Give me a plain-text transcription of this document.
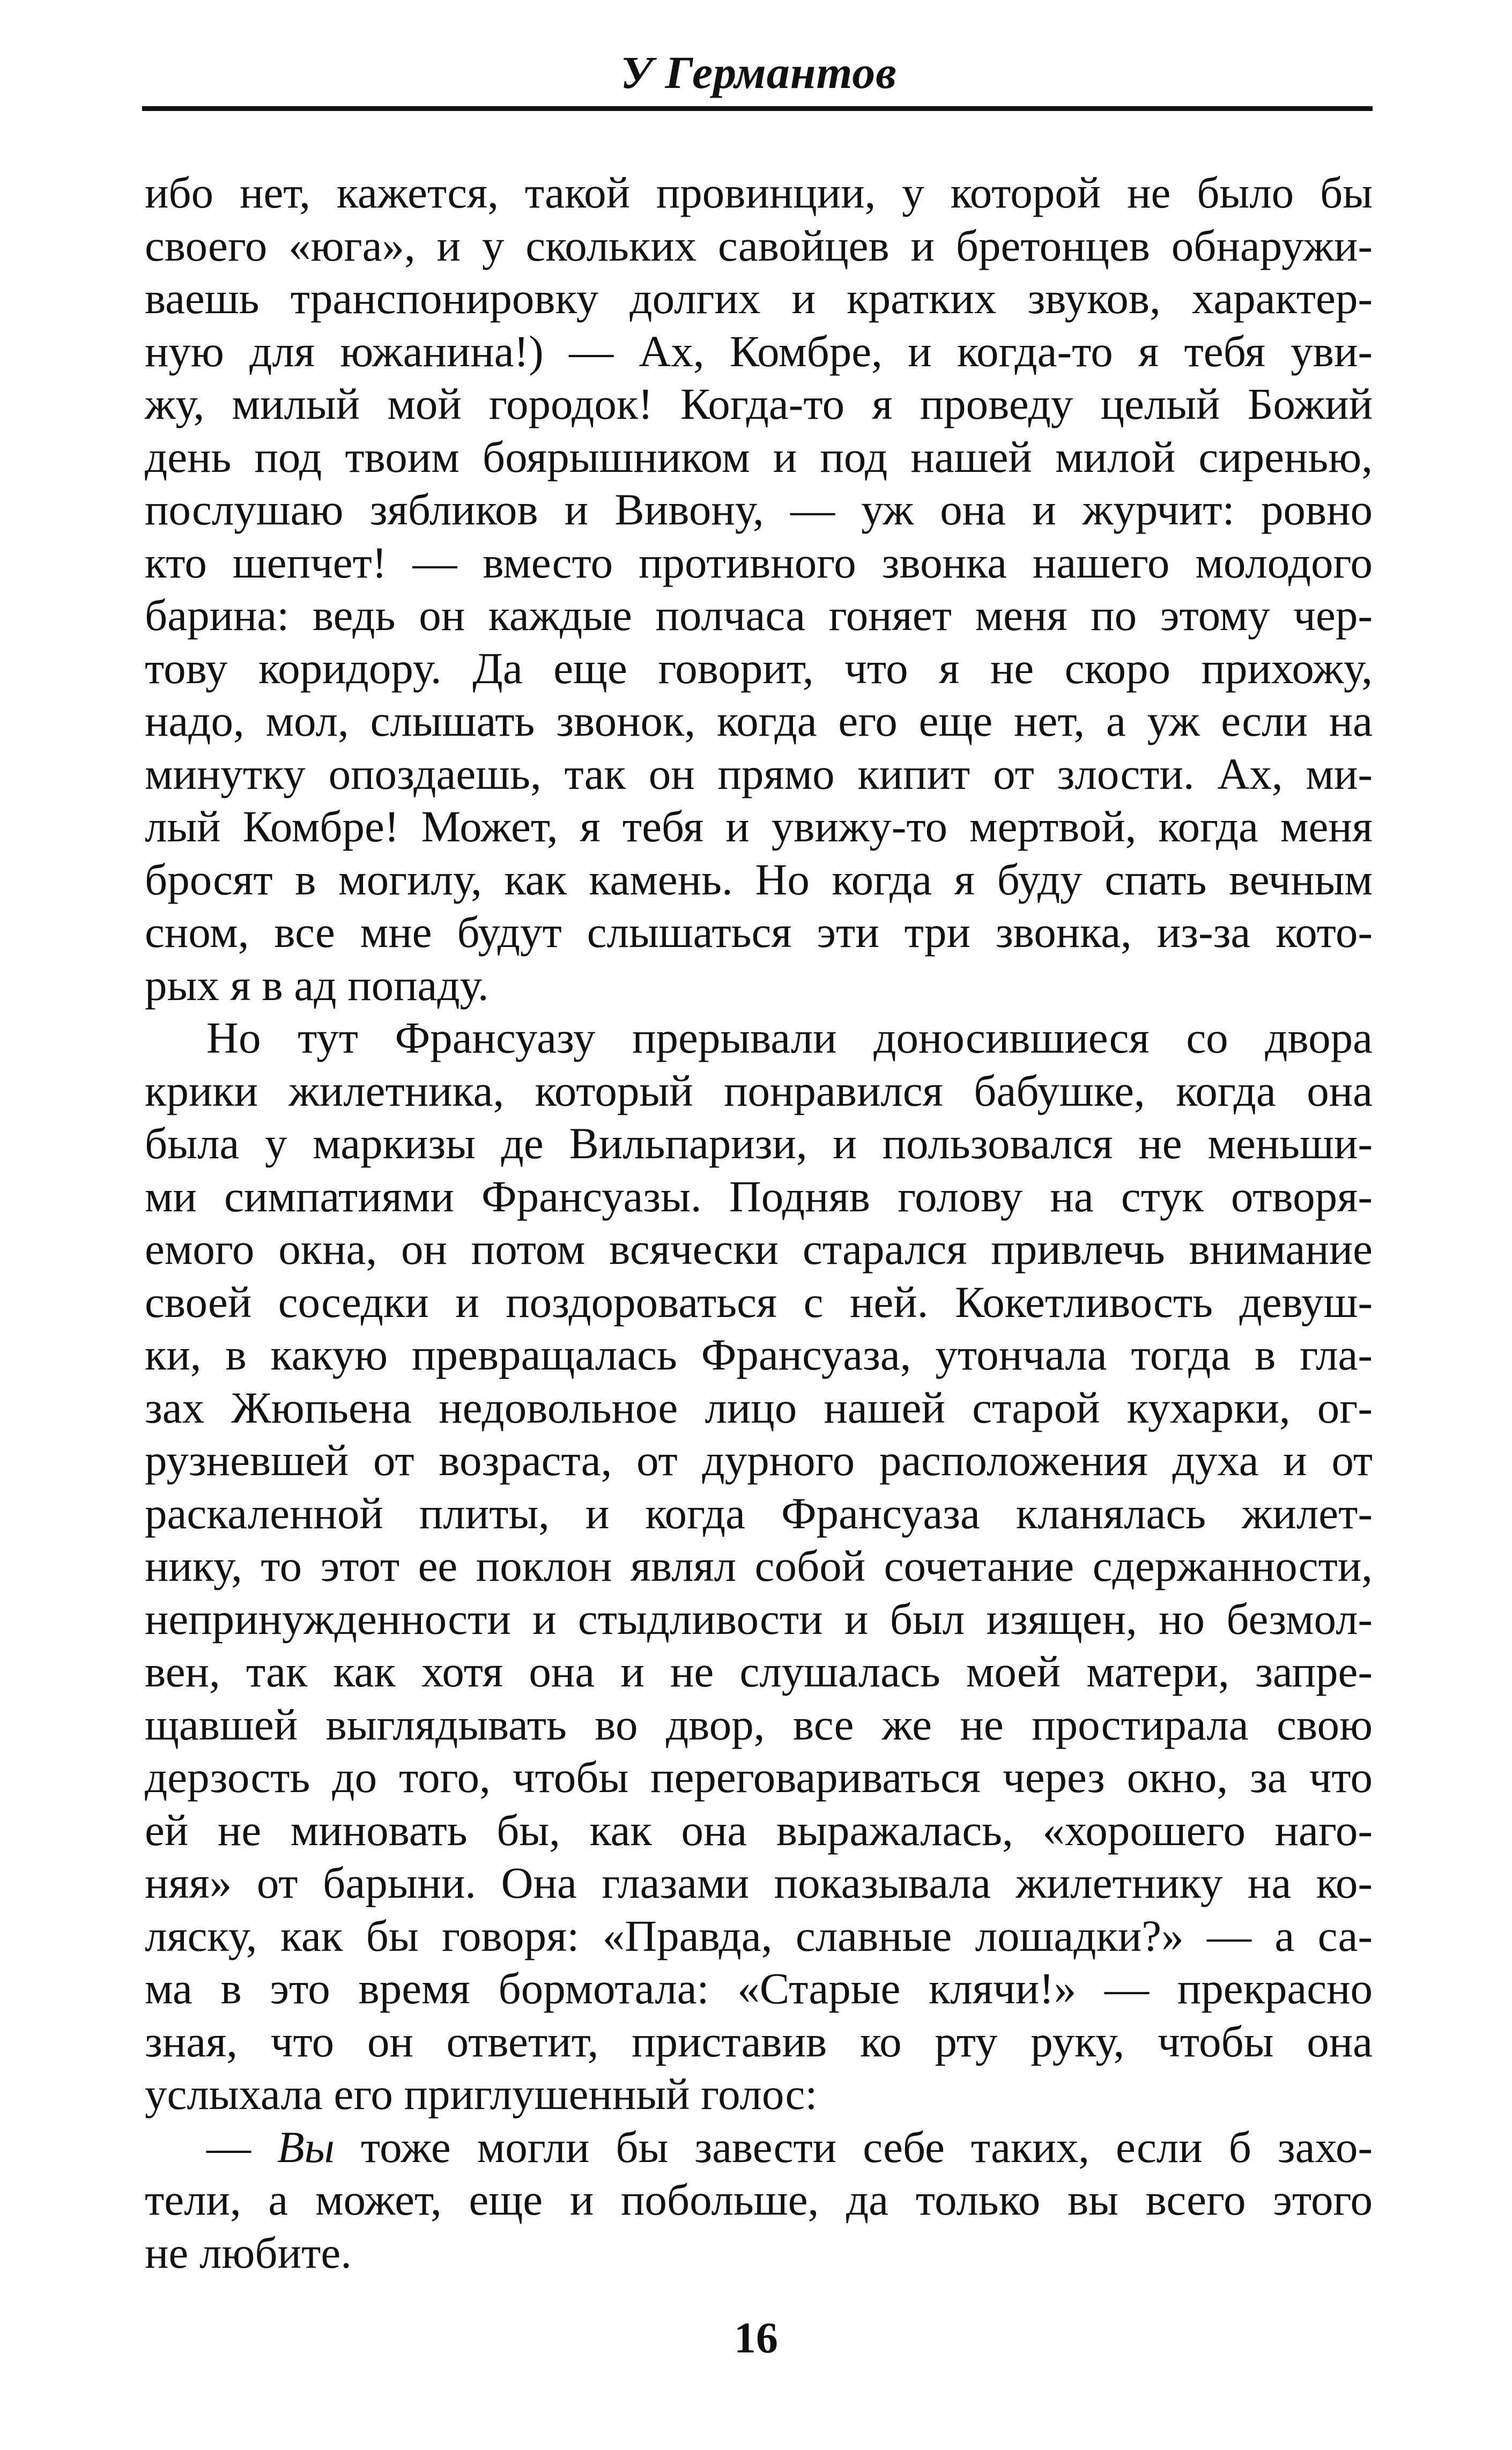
У Германтов
ибо нет, кажется, такой провинции, у которой не было бы
своего «юга», и у скольких савойцев и бретонцев обнаружи-
ваешь транспонировку долгих и кратких звуков, характер-
ную для южанина!) — Ах, Комбре, и когда-то я тебя уви-
жу, милый мой городок! Когда-то я проведу целый Божий
день под твоим боярышником и под нашей милой сиренью,
послушаю зябликов и Вивону, — уж она и журчит: ровно
кто шепчет! — вместо противного звонка нашего молодого
барина: ведь он каждые полчаса гоняет меня по этому чер-
тову коридору. Да еще говорит, что я не скоро прихожу,
надо, мол, слышать звонок, когда его еще нет, а уж если на
минутку опоздаешь, так он прямо кипит от злости. Ах, ми-
лый Комбре! Может, я тебя и увижу-то мертвой, когда меня
бросят в могилу, как камень. Но когда я буду спать вечным
сном, все мне будут слышаться эти три звонка, из-за кото-
рых я в ад попаду.
Но тут Франсуазу прерывали доносившиеся со двора
крики жилетника, который понравился бабушке, когда она
была у маркизы де Вильпаризи, и пользовался не меньши-
ми симпатиями Франсуазы. Подняв голову на стук отворя-
емого окна, он потом всячески старался привлечь внимание
своей соседки и поздороваться с ней. Кокетливость девуш-
ки, в какую превращалась Франсуаза, утончала тогда в гла-
зах Жюпьена недовольное лицо нашей старой кухарки, ог-
рузневшей от возраста, от дурного расположения духа и от
раскаленной плиты, и когда Франсуаза кланялась жилет-
нику, то этот ее поклон являл собой сочетание сдержанности,
непринужденности и стыдливости и был изящен, но безмол-
вен, так как хотя она и не слушалась моей матери, запре-
щавшей выглядывать во двор, все же не простирала свою
дерзость до того, чтобы переговариваться через окно, за что
ей не миновать бы, как она выражалась, «хорошего наго-
няя» от барыни. Она глазами показывала жилетнику на ко-
ляску, как бы говоря: «Правда, славные лошадки?» — а са-
ма в это время бормотала: «Старые клячи!» — прекрасно
зная, что он ответит, приставив ко рту руку, чтобы она
услыхала его приглушенный голос:
— Вы тоже могли бы завести себе таких, если б захо-
тели, а может, еще и побольше, да только вы всего этого
не любите.
16
